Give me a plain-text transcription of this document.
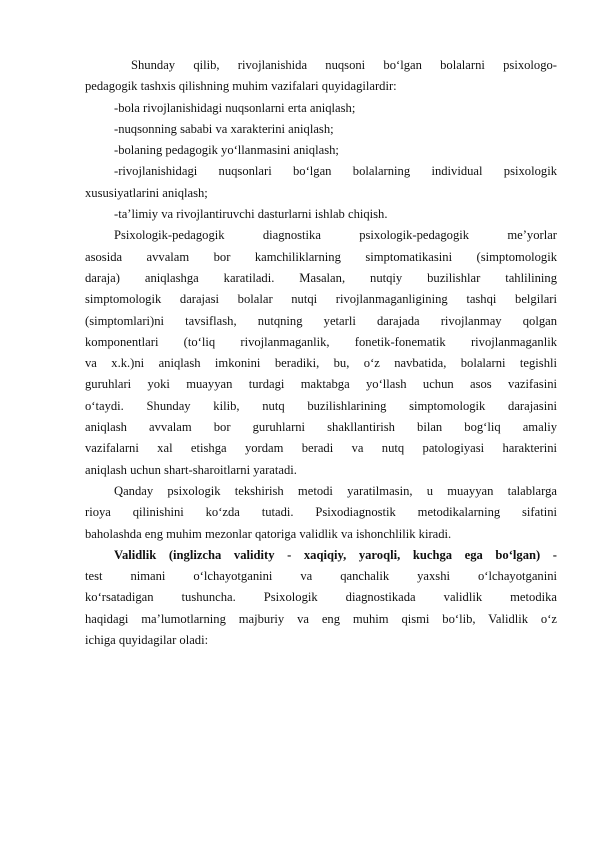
Shunday qilib, rivojlanishida nuqsoni bo‘lgan bolalarni psixologo-
pedagogik tashxis qilishning muhim vazifalari quyidagilardir:
-bola rivojlanishidagi nuqsonlarni erta aniqlash;
-nuqsonning sababi va xarakterini aniqlash;
-bolaning pedagogik yo‘llanmasini aniqlash;
-rivojlanishidagi nuqsonlari bo‘lgan bolalarning individual psixologik
xususiyatlarini aniqlash;
-ta’limiy va rivojlantiruvchi dasturlarni ishlab chiqish.
Psixologik-pedagogik diagnostika psixologik-pedagogik me’yorlar
asosida avvalam bor kamchiliklarning simptomatikasini (simptomologik
daraja) aniqlashga karatiladi. Masalan, nutqiy buzilishlar tahlilining
simptomologik darajasi bolalar nutqi rivojlanmaganligining tashqi belgilari
(simptomlari)ni tavsiflash, nutqning yetarli darajada rivojlanmay qolgan
komponentlari (to‘liq rivojlanmaganlik, fonetik-fonematik rivojlanmaganlik
va x.k.)ni aniqlash imkonini beradiki, bu, o‘z navbatida, bolalarni tegishli
guruhlari yoki muayyan turdagi maktabga yo‘llash uchun asos vazifasini
o‘taydi. Shunday kilib, nutq buzilishlarining simptomologik darajasini
aniqlash avvalam bor guruhlarni shakllantirish bilan bog‘liq amaliy
vazifalarni xal etishga yordam beradi va nutq patologiyasi harakterini
aniqlash uchun shart-sharoitlarni yaratadi.
Qanday psixologik tekshirish metodi yaratilmasin, u muayyan talablarga
rioya qilinishini ko‘zda tutadi. Psixodiagnostik metodikalarning sifatini
baholashda eng muhim mezonlar qatoriga validlik va ishonchlilik kiradi.
Validlik (inglizcha validity - xaqiqiy, yaroqli, kuchga ega bo‘lgan) -
test nimani o‘lchayotganini va qanchalik yaxshi o‘lchayotganini
ko‘rsatadigan tushuncha. Psixologik diagnostikada validlik metodika
haqidagi ma’lumotlarning majburiy va eng muhim qismi bo‘lib, Validlik o‘z
ichiga quyidagilar oladi:
